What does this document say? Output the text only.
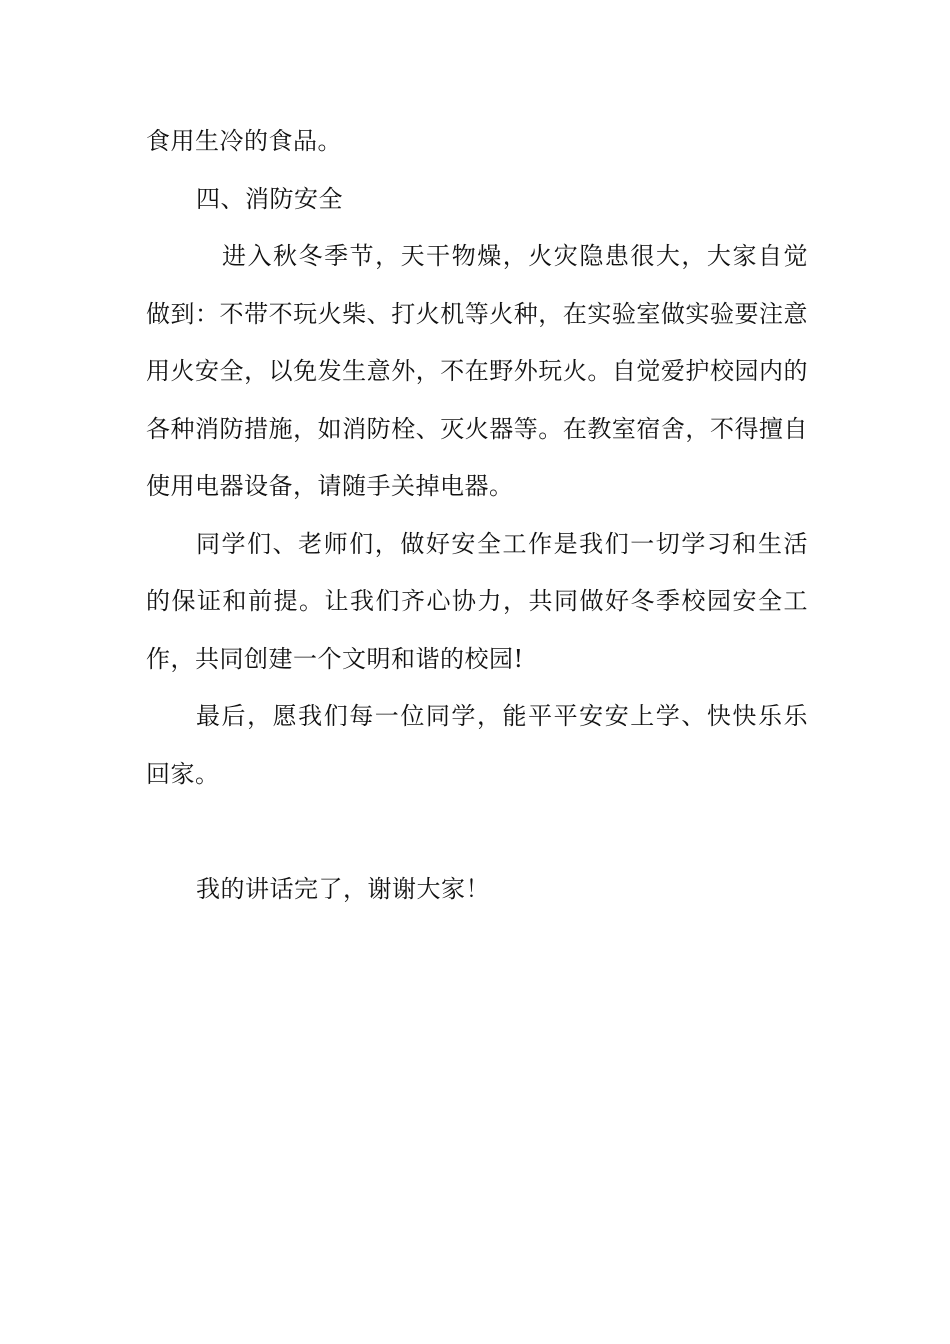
食用生冷的食品。

四、消防安全

进入秋冬季节，天干物燥，火灾隐患很大，大家自觉做到：不带不玩火柴、打火机等火种，在实验室做实验要注意用火安全，以免发生意外，不在野外玩火。自觉爱护校园内的各种消防措施，如消防栓、灭火器等。在教室宿舍，不得擅自使用电器设备，请随手关掉电器。

同学们、老师们，做好安全工作是我们一切学习和生活的保证和前提。让我们齐心协力，共同做好冬季校园安全工作，共同创建一个文明和谐的校园!

最后，愿我们每一位同学，能平平安安上学、快快乐乐回家。

我的讲话完了，谢谢大家！
